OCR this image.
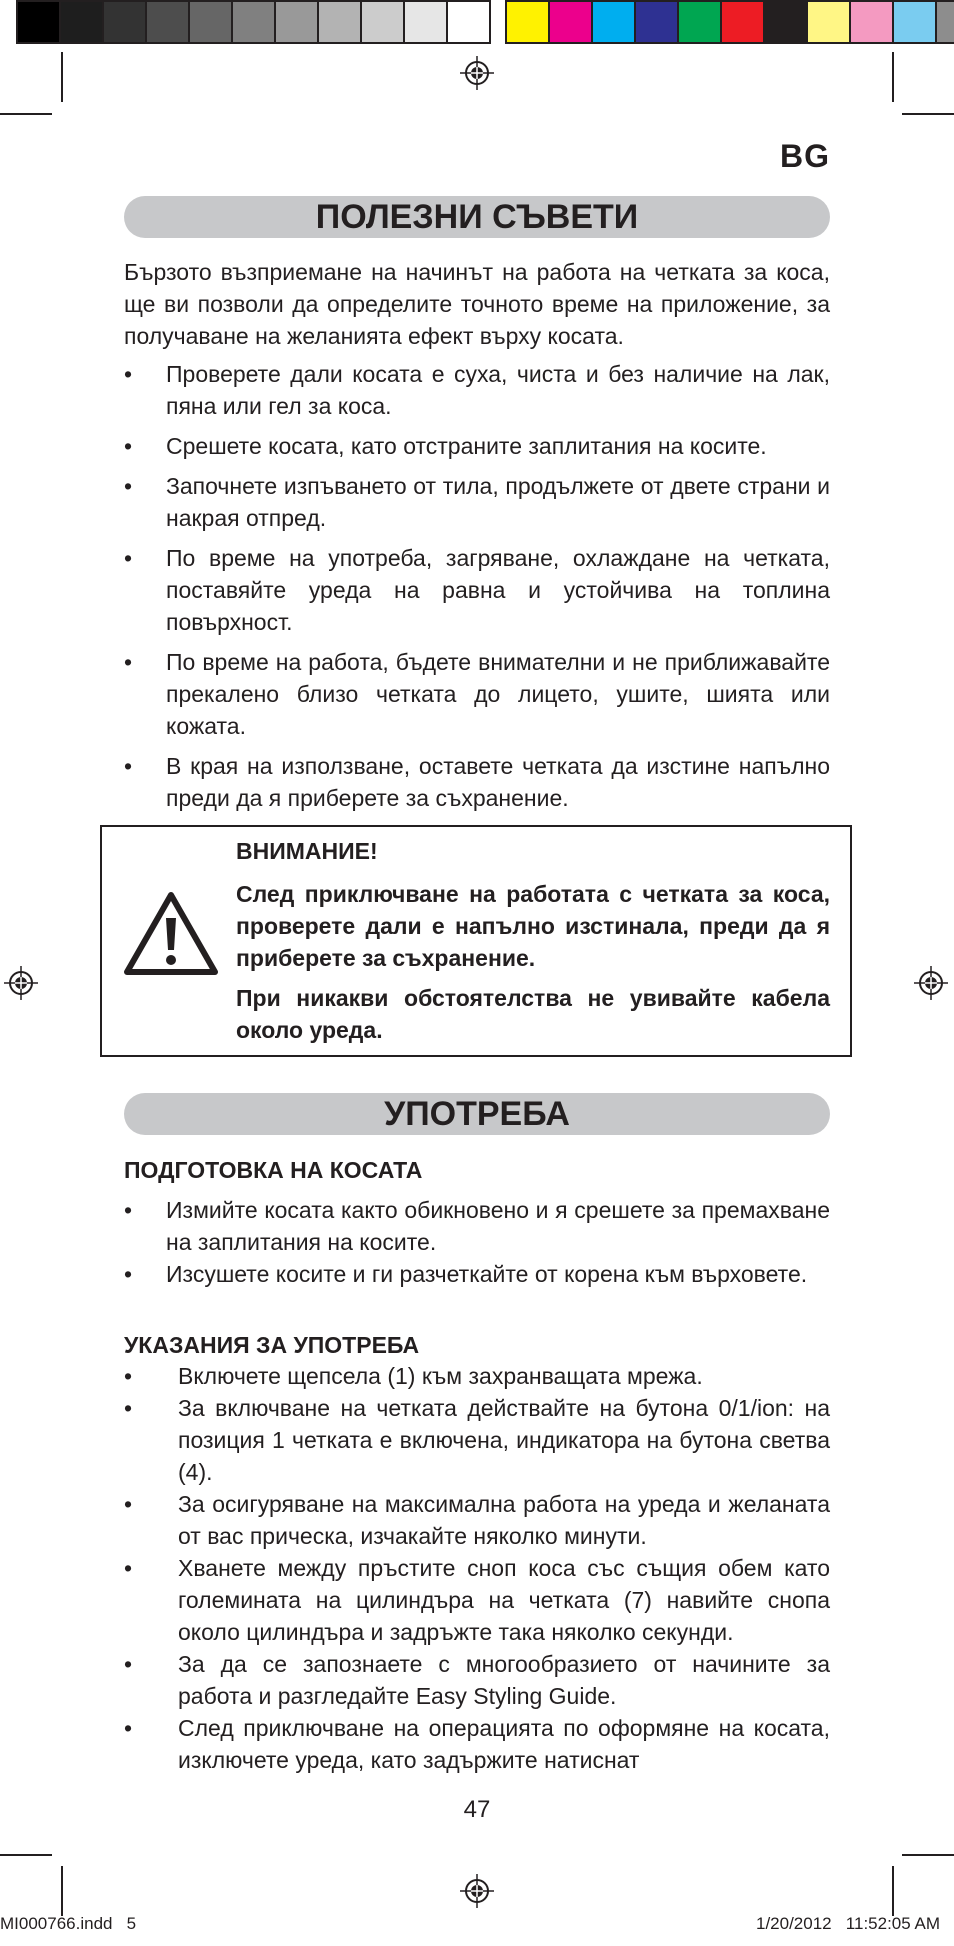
BG
ПОЛЕЗНИ СЪВЕТИ
Бързото възприемане на начинът на работа на четката за коса, ще ви позволи да определите точното време на приложение, за получаване на желанията ефект върху косата.
• Проверете дали косата е суха, чиста и без наличие на лак, пяна или гел за коса.
• Срешете косата, като отстраните заплитания на косите.
• Започнете изпъването от тила, продължете от двете страни и накрая отпред.
• По време на употреба, загряване, охлаждане на четката, поставяйте уреда на равна и устойчива на топлина повърхност.
• По време на работа, бъдете внимателни и не приближавайте прекалено близо четката до лицето, ушите, шията или кожата.
• В края на използване, оставете четката да изстине напълно преди да я приберете за съхранение.
ВНИМАНИЕ!
След приключване на работата с четката за коса, проверете дали е напълно изстинала, преди да я приберете за съхранение.
При никакви обстоятелства не увивайте кабела около уреда.
УПОТРЕБА
ПОДГОТОВКА НА КОСАТА
• Измийте косата както обикновено и я срешете за премахване на заплитания на косите.
• Изсушете косите и ги разчеткайте от корена към върховете.
УКАЗАНИЯ ЗА УПОТРЕБА
• Включете щепсела (1) към захранващата мрежа.
• За включване на четката действайте на бутона 0/1/ion: на позиция 1 четката е включена, индикатора на бутона светва (4).
• За осигуряване на максимална работа на уреда и желаната от вас прическа, изчакайте няколко минути.
• Хванете между пръстите сноп коса със същия обем като големината на цилиндъра на четката (7) навийте снопа около цилиндъра и задръжте така няколко секунди.
• За да се запознаете с многообразието от начините за работа и разгледайте Easy Styling Guide.
• След приключване на операцията по оформяне на косата, изключете уреда, като задържите натиснат
47
MI000766.indd   5	1/20/2012   11:52:05 AM
